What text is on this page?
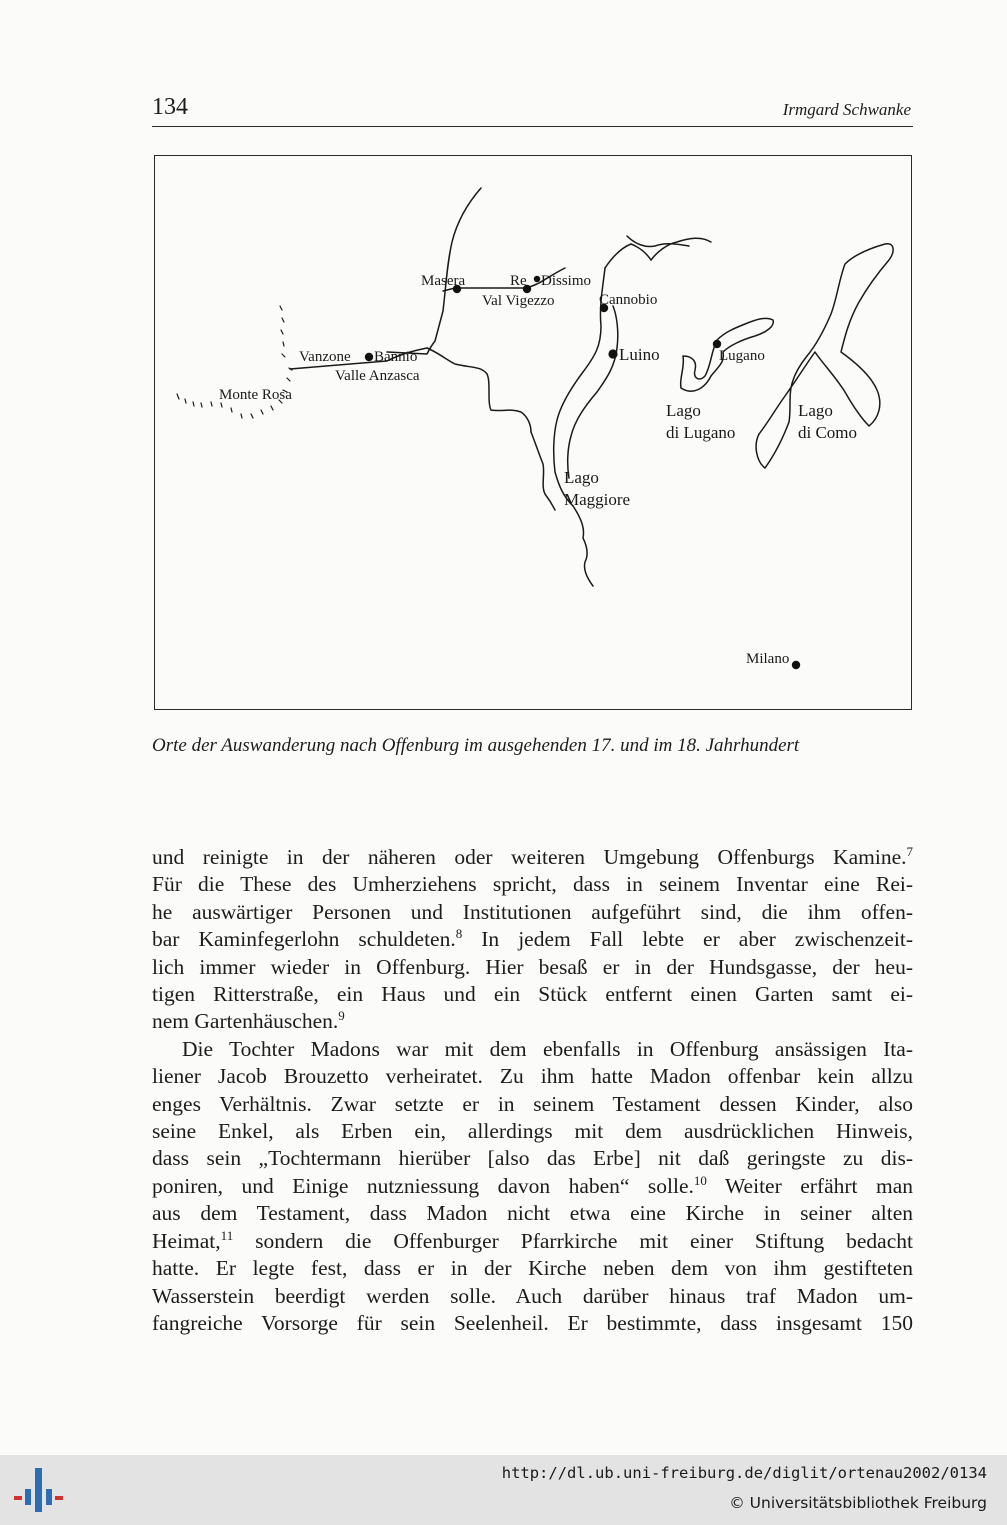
134	Irmgard Schwanke
Masera	Re Dissimo
Val Vigezzo	Cannobio
Vanzone Bannio
Valle Anzasca
Monte Rosa
Luino	Lugano
Lago
di Lugano
Lago
di Como
Lago
Maggiore
Milano
Orte der Auswanderung nach Offenburg im ausgehenden 17. und im 18. Jahrhundert

und reinigte in der näheren oder weiteren Umgebung Offenburgs Kamine.$^7$
Für die These des Umherziehens spricht, dass in seinem Inventar eine Rei-
he auswärtiger Personen und Institutionen aufgeführt sind, die ihm offen-
bar Kaminfegerlohn schuldeten.$^8$ In jedem Fall lebte er aber zwischenzeit-
lich immer wieder in Offenburg. Hier besaß er in der Hundsgasse, der heu-
tigen Ritterstraße, ein Haus und ein Stück entfernt einen Garten samt ei-
nem Gartenhäuschen.$^9$

Die Tochter Madons war mit dem ebenfalls in Offenburg ansässigen Ita-
liener Jacob Brouzetto verheiratet. Zu ihm hatte Madon offenbar kein allzu
enges Verhältnis. Zwar setzte er in seinem Testament dessen Kinder, also
seine Enkel, als Erben ein, allerdings mit dem ausdrücklichen Hinweis,
dass sein „Tochtermann hierüber [also das Erbe] nit daß geringste zu dis-
poniren, und Einige nutzniessung davon haben“ solle.$^{10}$ Weiter erfährt man
aus dem Testament, dass Madon nicht etwa eine Kirche in seiner alten
Heimat,$^{11}$ sondern die Offenburger Pfarrkirche mit einer Stiftung bedacht
hatte. Er legte fest, dass er in der Kirche neben dem von ihm gestifteten
Wasserstein beerdigt werden solle. Auch darüber hinaus traf Madon um-
fangreiche Vorsorge für sein Seelenheil. Er bestimmte, dass insgesamt 150

http://dl.ub.uni-freiburg.de/diglit/ortenau2002/0134
© Universitätsbibliothek Freiburg
